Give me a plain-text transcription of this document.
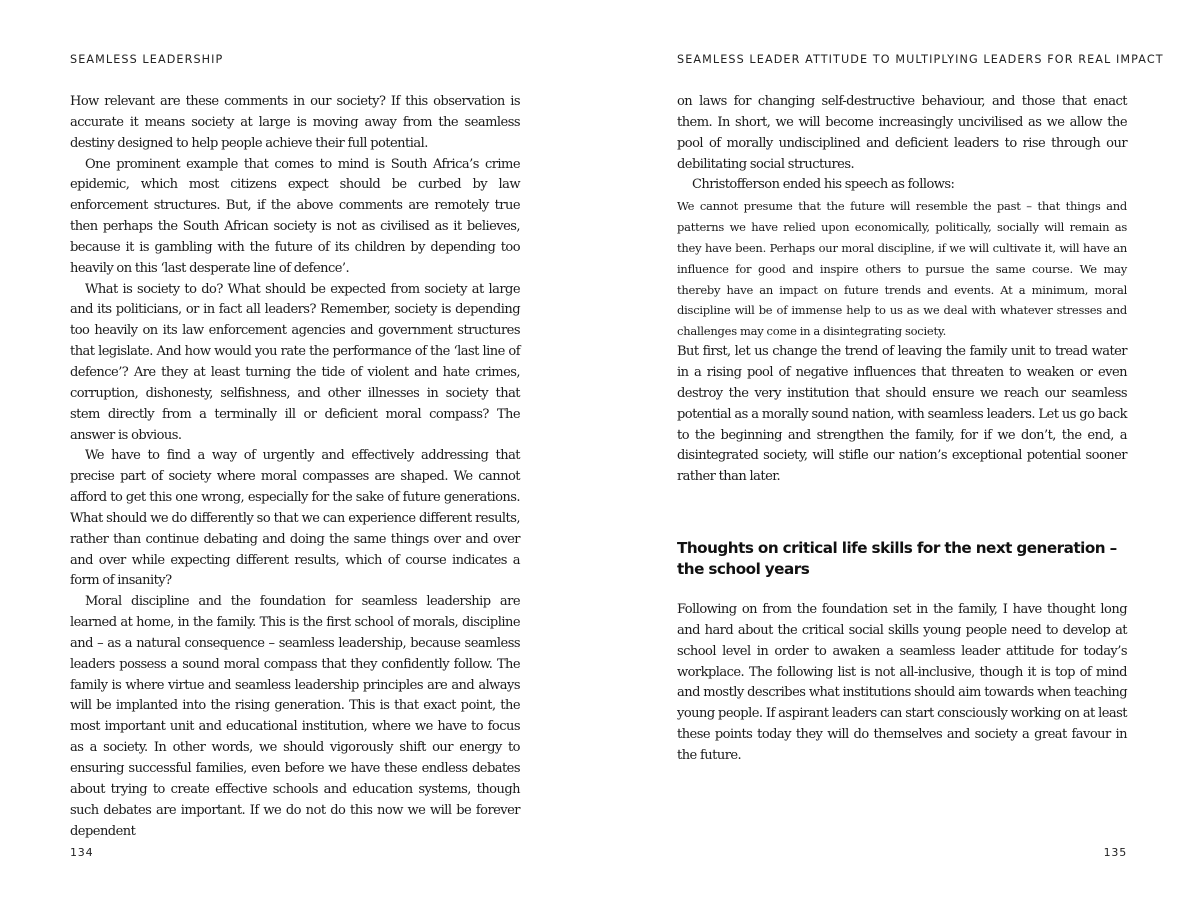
SEAMLESS LEADERSHIP

How relevant are these comments in our society? If this observation is accurate it means society at large is moving away from the seamless destiny designed to help people achieve their full potential.

One prominent example that comes to mind is South Africa’s crime epidemic, which most citizens expect should be curbed by law enforcement structures. But, if the above comments are remotely true then perhaps the South African society is not as civilised as it believes, because it is gambling with the future of its children by depending too heavily on this ‘last desperate line of defence’.

What is society to do? What should be expected from society at large and its politicians, or in fact all leaders? Remember, society is depending too heavily on its law enforcement agencies and government structures that legislate. And how would you rate the performance of the ‘last line of defence’? Are they at least turning the tide of violent and hate crimes, corruption, dishonesty, selfishness, and other illnesses in society that stem directly from a terminally ill or deficient moral compass? The answer is obvious.

We have to find a way of urgently and effectively addressing that precise part of society where moral compasses are shaped. We cannot afford to get this one wrong, especially for the sake of future generations. What should we do differently so that we can experience different results, rather than continue debating and doing the same things over and over and over while expecting different results, which of course indicates a form of insanity?

Moral discipline and the foundation for seamless leadership are learned at home, in the family. This is the first school of morals, discipline and – as a natural consequence – seamless leadership, because seamless leaders possess a sound moral compass that they confidently follow. The family is where virtue and seamless leadership principles are and always will be implanted into the rising generation. This is that exact point, the most important unit and educational institution, where we have to focus as a society. In other words, we should vigorously shift our energy to ensuring successful families, even before we have these endless debates about trying to create effective schools and education systems, though such debates are important. If we do not do this now we will be forever dependent

134
SEAMLESS LEADER ATTITUDE TO MULTIPLYING LEADERS FOR REAL IMPACT

on laws for changing self-destructive behaviour, and those that enact them. In short, we will become increasingly uncivilised as we allow the pool of morally undisciplined and deficient leaders to rise through our debilitating social structures.

Christofferson ended his speech as follows:

We cannot presume that the future will resemble the past – that things and patterns we have relied upon economically, politically, socially will remain as they have been. Perhaps our moral discipline, if we will cultivate it, will have an influence for good and inspire others to pursue the same course. We may thereby have an impact on future trends and events. At a minimum, moral discipline will be of immense help to us as we deal with whatever stresses and challenges may come in a disintegrating society.

But first, let us change the trend of leaving the family unit to tread water in a rising pool of negative influences that threaten to weaken or even destroy the very institution that should ensure we reach our seamless potential as a morally sound nation, with seamless leaders. Let us go back to the beginning and strengthen the family, for if we don’t, the end, a disintegrated society, will stifle our nation’s exceptional potential sooner rather than later.

Thoughts on critical life skills for the next generation – the school years

Following on from the foundation set in the family, I have thought long and hard about the critical social skills young people need to develop at school level in order to awaken a seamless leader attitude for today’s workplace. The following list is not all-inclusive, though it is top of mind and mostly describes what institutions should aim towards when teaching young people. If aspirant leaders can start consciously working on at least these points today they will do themselves and society a great favour in the future.

135
